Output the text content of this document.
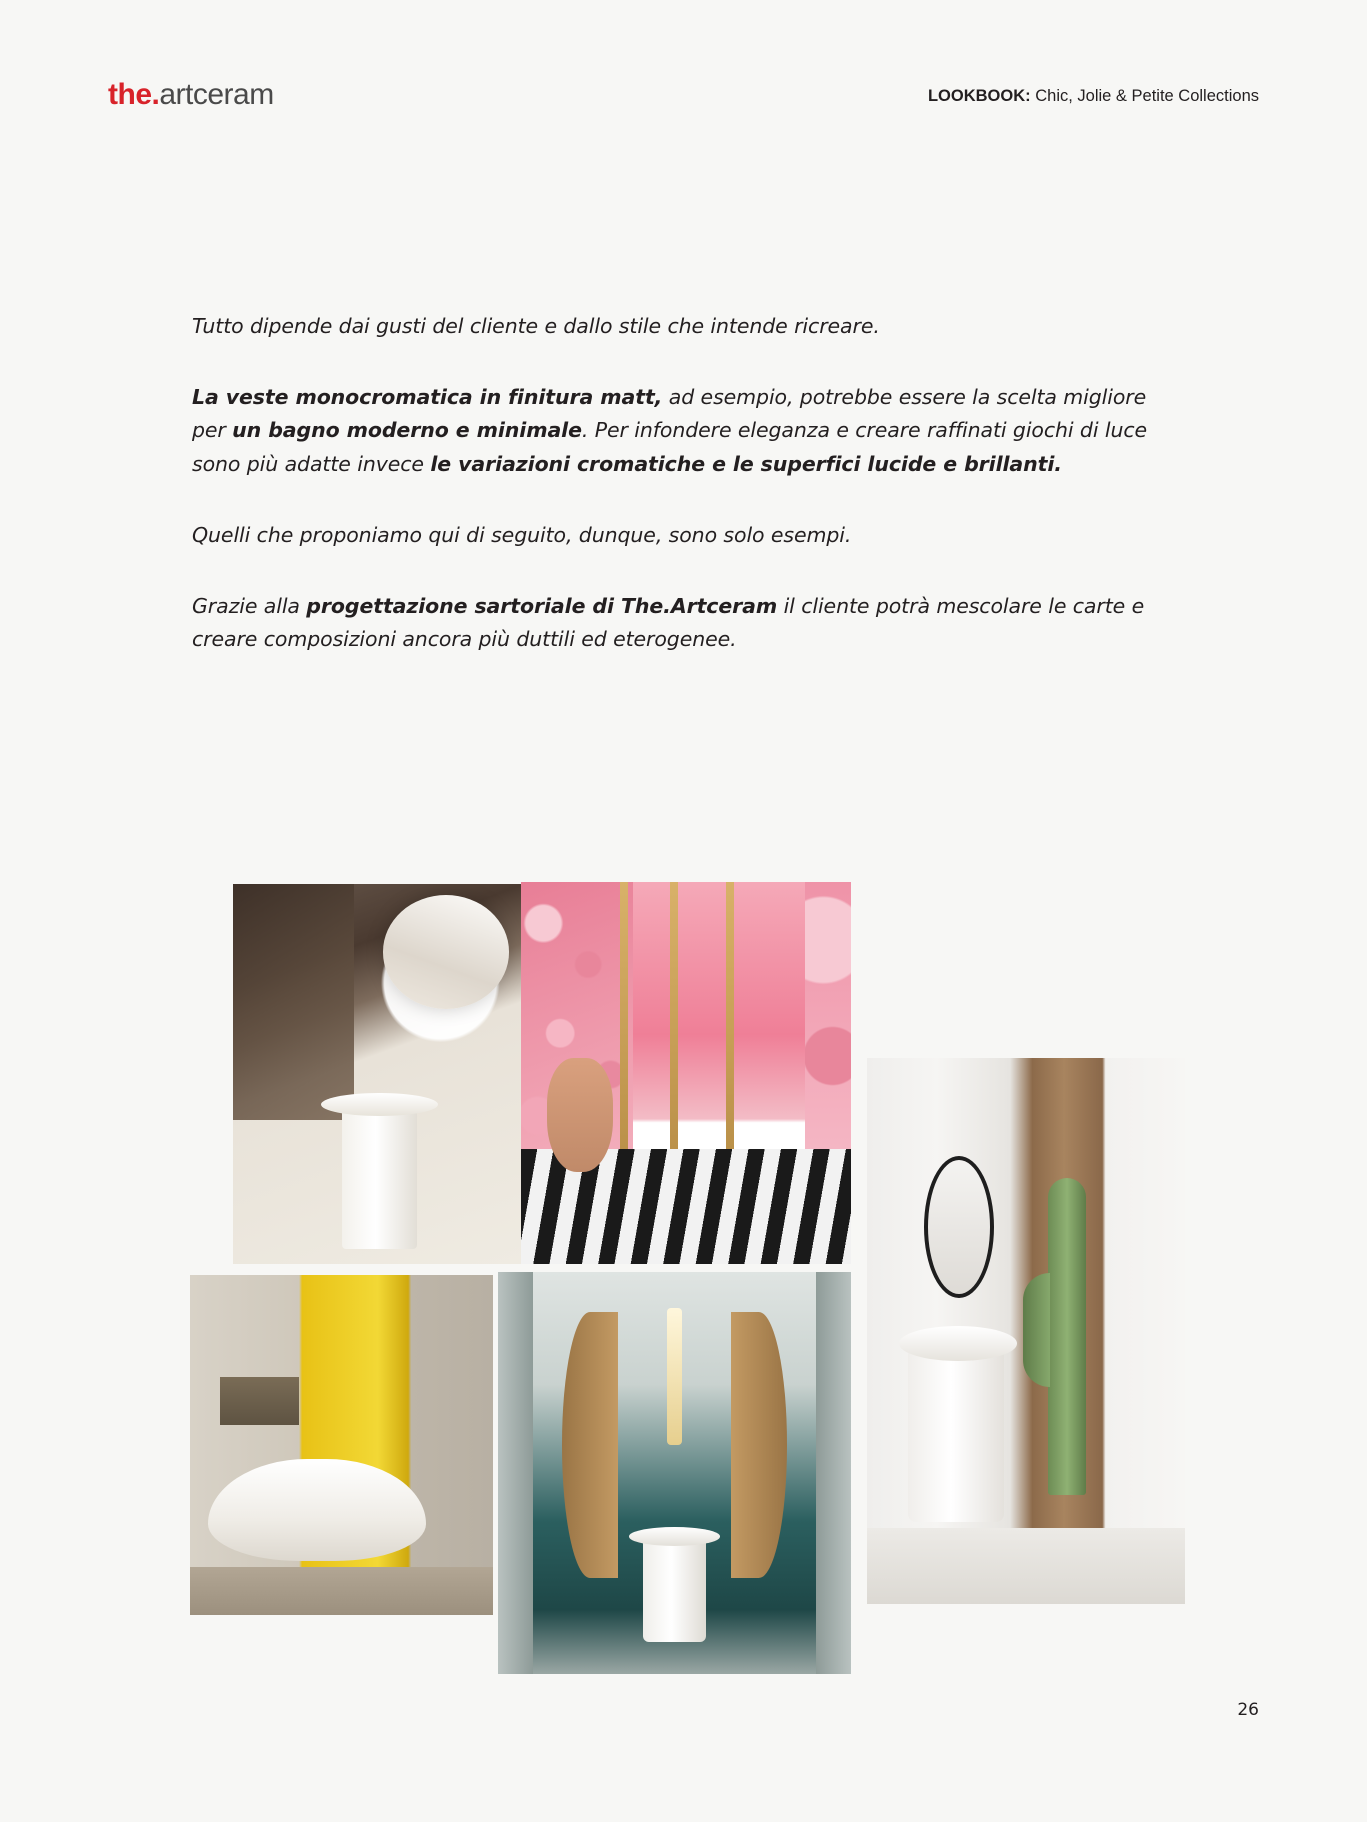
the.artceram	LOOKBOOK: Chic, Jolie & Petite Collections

Tutto dipende dai gusti del cliente e dallo stile che intende ricreare.

La veste monocromatica in finitura matt, ad esempio, potrebbe essere la scelta migliore per un bagno moderno e minimale. Per infondere eleganza e creare raffinati giochi di luce sono più adatte invece le variazioni cromatiche e le superfici lucide e brillanti.

Quelli che proponiamo qui di seguito, dunque, sono solo esempi.

Grazie alla progettazione sartoriale di The.Artceram il cliente potrà mescolare le carte e creare composizioni ancora più duttili ed eterogenee.

26
